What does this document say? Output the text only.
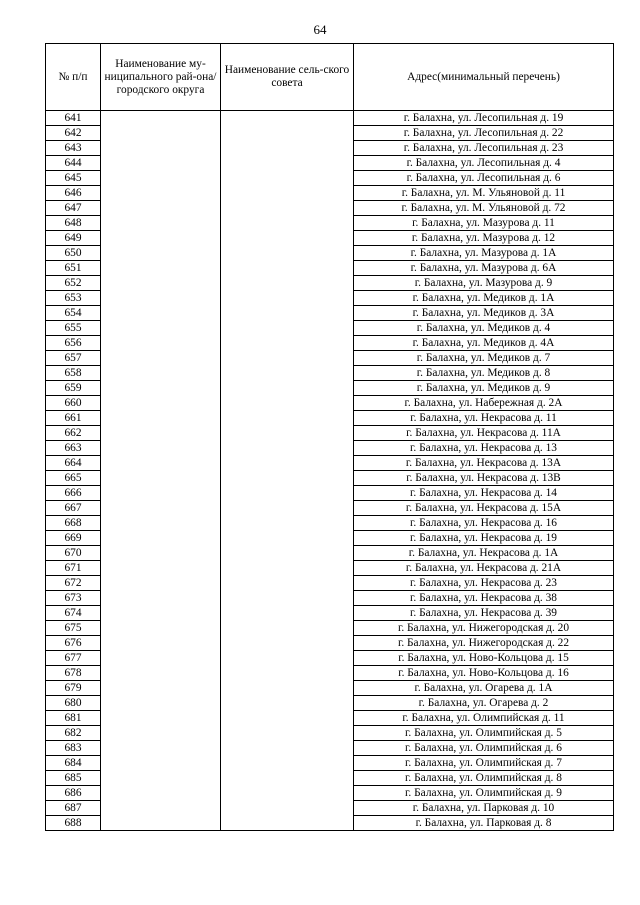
64
№ п/п	Наименование му-ниципального рай-она/ городского округа	Наименование сель-ского совета	Адрес(минимальный перечень)
641			г. Балахна, ул. Лесопильная д. 19
642			г. Балахна, ул. Лесопильная д. 22
643			г. Балахна, ул. Лесопильная д. 23
644			г. Балахна, ул. Лесопильная д. 4
645			г. Балахна, ул. Лесопильная д. 6
646			г. Балахна, ул. М. Ульяновой д. 11
647			г. Балахна, ул. М. Ульяновой д. 72
648			г. Балахна, ул. Мазурова д. 11
649			г. Балахна, ул. Мазурова д. 12
650			г. Балахна, ул. Мазурова д. 1А
651			г. Балахна, ул. Мазурова д. 6А
652			г. Балахна, ул. Мазурова д. 9
653			г. Балахна, ул. Медиков д. 1А
654			г. Балахна, ул. Медиков д. 3А
655			г. Балахна, ул. Медиков д. 4
656			г. Балахна, ул. Медиков д. 4А
657			г. Балахна, ул. Медиков д. 7
658			г. Балахна, ул. Медиков д. 8
659			г. Балахна, ул. Медиков д. 9
660			г. Балахна, ул. Набережная д. 2А
661			г. Балахна, ул. Некрасова д. 11
662			г. Балахна, ул. Некрасова д. 11А
663			г. Балахна, ул. Некрасова д. 13
664			г. Балахна, ул. Некрасова д. 13А
665			г. Балахна, ул. Некрасова д. 13В
666			г. Балахна, ул. Некрасова д. 14
667			г. Балахна, ул. Некрасова д. 15А
668			г. Балахна, ул. Некрасова д. 16
669			г. Балахна, ул. Некрасова д. 19
670			г. Балахна, ул. Некрасова д. 1А
671			г. Балахна, ул. Некрасова д. 21А
672			г. Балахна, ул. Некрасова д. 23
673			г. Балахна, ул. Некрасова д. 38
674			г. Балахна, ул. Некрасова д. 39
675			г. Балахна, ул. Нижегородская д. 20
676			г. Балахна, ул. Нижегородская д. 22
677			г. Балахна, ул. Ново-Кольцова д. 15
678			г. Балахна, ул. Ново-Кольцова д. 16
679			г. Балахна, ул. Огарева д. 1А
680			г. Балахна, ул. Огарева д. 2
681			г. Балахна, ул. Олимпийская д. 11
682			г. Балахна, ул. Олимпийская д. 5
683			г. Балахна, ул. Олимпийская д. 6
684			г. Балахна, ул. Олимпийская д. 7
685			г. Балахна, ул. Олимпийская д. 8
686			г. Балахна, ул. Олимпийская д. 9
687			г. Балахна, ул. Парковая д. 10
688			г. Балахна, ул. Парковая д. 8
